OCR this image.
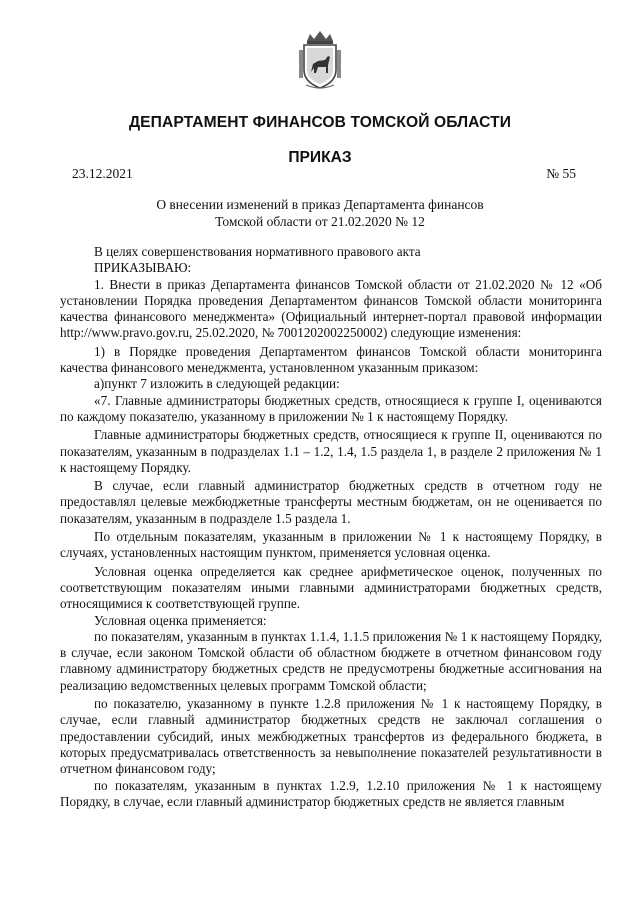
ДЕПАРТАМЕНТ ФИНАНСОВ ТОМСКОЙ ОБЛАСТИ
ПРИКАЗ
23.12.2021	№ 55
О внесении изменений в приказ Департамента финансов
Томской области от 21.02.2020 № 12

В целях совершенствования нормативного правового акта

ПРИКАЗЫВАЮ:

1. Внести в приказ Департамента финансов Томской области от 21.02.2020 № 12 «Об установлении Порядка проведения Департаментом финансов Томской области мониторинга качества финансового менеджмента» (Официальный интернет-портал правовой информации http://www.pravo.gov.ru, 25.02.2020, № 7001202002250002) следующие изменения:

1) в Порядке проведения Департаментом финансов Томской области мониторинга качества финансового менеджмента, установленном указанным приказом:

а)пункт 7 изложить в следующей редакции:

«7. Главные администраторы бюджетных средств, относящиеся к группе I, оцениваются по каждому показателю, указанному в приложении № 1 к настоящему Порядку.

Главные администраторы бюджетных средств, относящиеся к группе II, оцениваются по показателям, указанным в подразделах 1.1 – 1.2, 1.4, 1.5 раздела 1, в разделе 2 приложения № 1 к настоящему Порядку.

В случае, если главный администратор бюджетных средств в отчетном году не предоставлял целевые межбюджетные трансферты местным бюджетам, он не оценивается по показателям, указанным в подразделе 1.5 раздела 1.

По отдельным показателям, указанным в приложении № 1 к настоящему Порядку, в случаях, установленных настоящим пунктом, применяется условная оценка.

Условная оценка определяется как среднее арифметическое оценок, полученных по соответствующим показателям иными главными администраторами бюджетных средств, относящимися к соответствующей группе.

Условная оценка применяется:

по показателям, указанным в пунктах 1.1.4, 1.1.5 приложения № 1 к настоящему Порядку, в случае, если законом Томской области об областном бюджете в отчетном финансовом году главному администратору бюджетных средств не предусмотрены бюджетные ассигнования на реализацию ведомственных целевых программ Томской области;

по показателю, указанному в пункте 1.2.8 приложения № 1 к настоящему Порядку, в случае, если главный администратор бюджетных средств не заключал соглашения о предоставлении субсидий, иных межбюджетных трансфертов из федерального бюджета, в которых предусматривалась ответственность за невыполнение показателей результативности в отчетном финансовом году;

по показателям, указанным в пунктах 1.2.9, 1.2.10 приложения № 1 к настоящему Порядку, в случае, если главный администратор бюджетных средств не является главным
